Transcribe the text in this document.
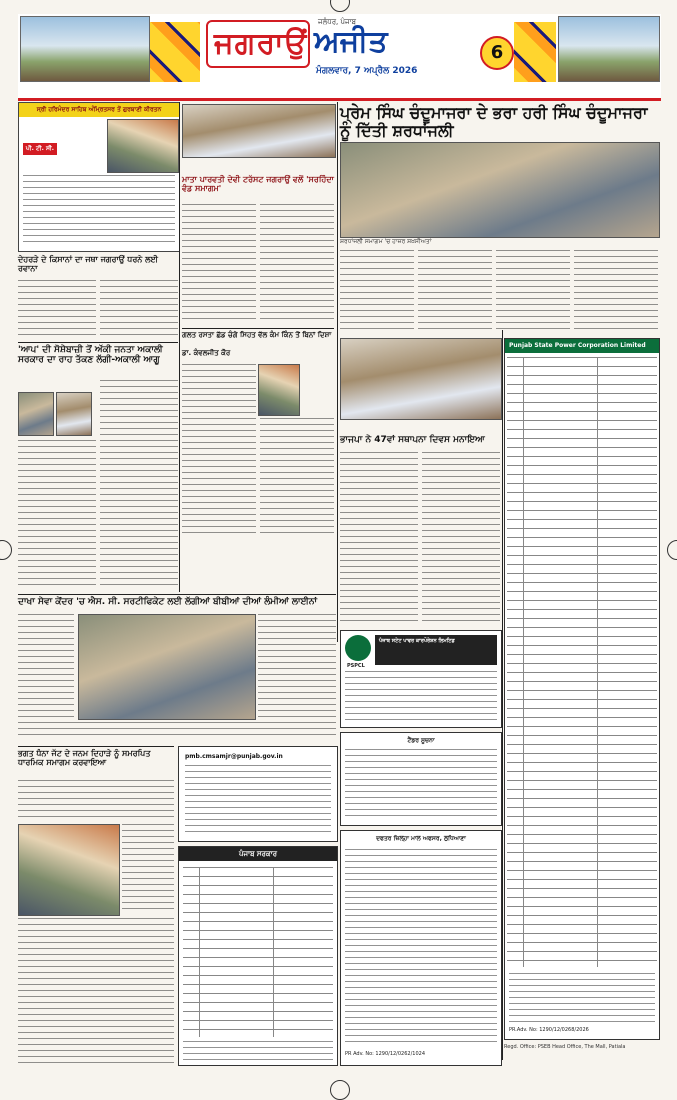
ਜਗਰਾਉਂ
ਜਲੰਧਰ, ਪੰਜਾਬ
ਅਜੀਤ
ਮੰਗਲਵਾਰ, 7 ਅਪ੍ਰੈਲ 2026
6
ਸ੍ਰੀ ਹਰਿਮੰਦਰ ਸਾਹਿਬ ਅੰਮ੍ਰਿਤਸਰ ਤੋਂ ਗੁਰਬਾਣੀ ਕੀਰਤਨ
ਪੀ. ਟੀ. ਸੀ.
ਦੇਹਰੜੇ ਦੇ ਕਿਸਾਨਾਂ ਦਾ ਜਥਾ ਜਗਰਾਉਂ ਧਰਨੇ ਲਈ ਰਵਾਨਾ
'ਆਪ' ਦੀ ਸੋਸ਼ੇਬਾਜ਼ੀ ਤੋਂ ਅੱਕੀ ਜਨਤਾ ਅਕਾਲੀ ਸਰਕਾਰ ਦਾ ਰਾਹ ਤੱਕਣ ਲੱਗੀ-ਅਕਾਲੀ ਆਗੂ
ਮਾਤਾ ਪਾਰਵਤੀ ਦੇਵੀ ਟਰੱਸਟ ਜਗਰਾਉਂ ਵਲੋਂ 'ਸਰਹਿੰਦਾ ਵੰਡ ਸਮਾਗਮ'
ਪ੍ਰੇਮ ਸਿੰਘ ਚੰਦੂਮਾਜਰਾ ਦੇ ਭਰਾ ਹਰੀ ਸਿੰਘ ਚੰਦੂਮਾਜਰਾ ਨੂੰ ਦਿੱਤੀ ਸ਼ਰਧਾਂਜਲੀ
ਸ਼ਰਧਾਂਜਲੀ ਸਮਾਗਮ 'ਚ ਹਾਜ਼ਰ ਸ਼ਖ਼ਸੀਅਤਾਂ
ਗਲਤ ਰਸਤਾ ਛੱਡ ਚੰਗੇ ਸਿਹਤ ਵੱਲ ਕੰਮ ਕਿੰਨ ਤੋਂ ਬਿਨਾਂ ਦਿਸ਼ਾ
ਡਾ. ਕੰਵਲਜੀਤ ਕੌਰ
ਭਾਜਪਾ ਨੇ 47ਵਾਂ ਸਥਾਪਨਾ ਦਿਵਸ ਮਨਾਇਆ
Punjab State Power Corporation Limited
PR.Adv. No: 1290/12/0268/2026
ਦਾਖਾ ਸੇਵਾ ਕੇਂਦਰ 'ਚ ਐਸ. ਸੀ. ਸਰਟੀਫਿਕੇਟ ਲਈ ਲੱਗੀਆਂ ਬੀਬੀਆਂ ਦੀਆਂ ਲੰਮੀਆਂ ਲਾਈਨਾਂ
ਭਗਤ ਧੰਨਾ ਜੱਟ ਦੇ ਜਨਮ ਦਿਹਾੜੇ ਨੂੰ ਸਮਰਪਿਤ ਧਾਰਮਿਕ ਸਮਾਗਮ ਕਰਵਾਇਆ
pmb.cmsamjr@punjab.gov.in
ਪੰਜਾਬ ਸਰਕਾਰ
PSPCL
ਪੰਜਾਬ ਸਟੇਟ ਪਾਵਰ ਕਾਰਪੋਰੇਸ਼ਨ ਲਿਮਟਿਡ
ਟੈਂਡਰ ਸੂਚਨਾ
ਦਫਤਰ ਜ਼ਿਲ੍ਹਾ ਮਾਲ ਅਫਸਰ, ਲੁਧਿਆਣਾ
PR Adv. No: 1290/12/0262/1024
Regd. Office: PSEB Head Office, The Mall, Patiala
